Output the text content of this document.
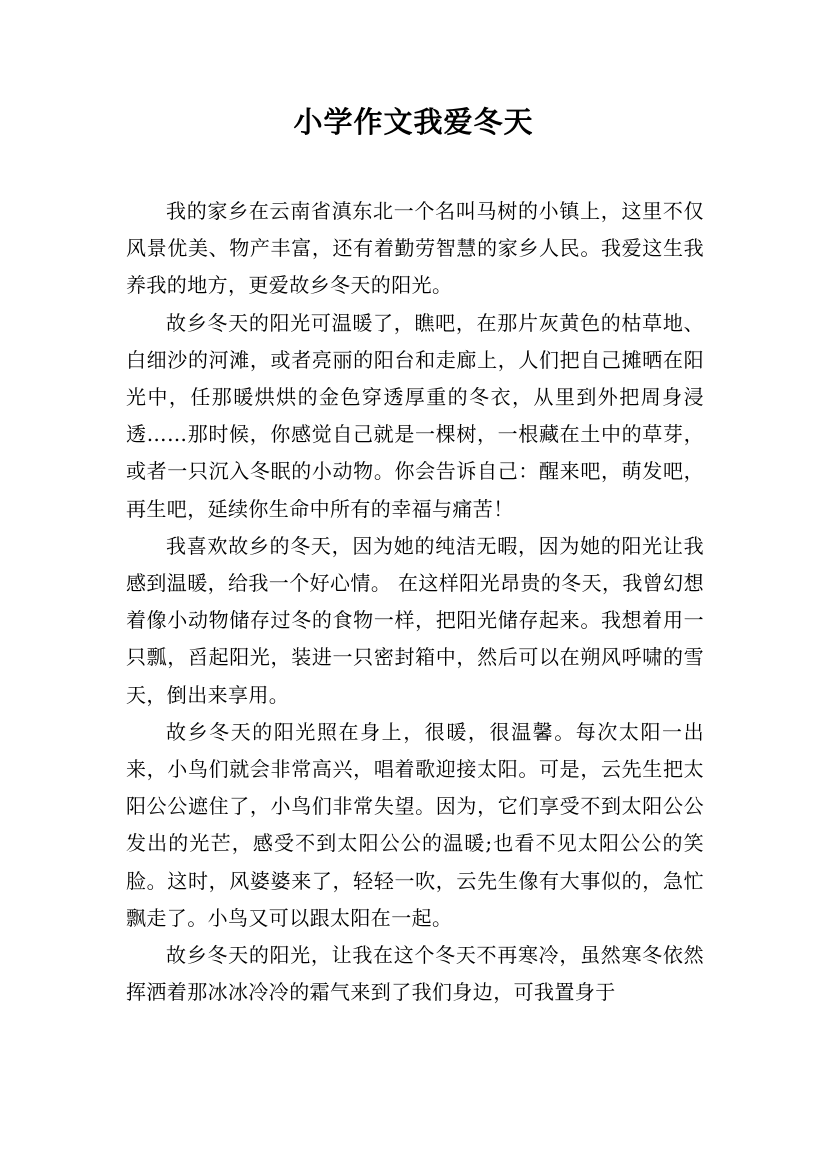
小学作文我爱冬天

我的家乡在云南省滇东北一个名叫马树的小镇上，这里不仅风景优美、物产丰富，还有着勤劳智慧的家乡人民。我爱这生我养我的地方，更爱故乡冬天的阳光。

故乡冬天的阳光可温暖了，瞧吧，在那片灰黄色的枯草地、白细沙的河滩，或者亮丽的阳台和走廊上，人们把自己摊晒在阳光中，任那暖烘烘的金色穿透厚重的冬衣，从里到外把周身浸透……那时候，你感觉自己就是一棵树，一根藏在土中的草芽，或者一只沉入冬眠的小动物。你会告诉自己：醒来吧，萌发吧，再生吧，延续你生命中所有的幸福与痛苦！

我喜欢故乡的冬天，因为她的纯洁无暇，因为她的阳光让我感到温暖，给我一个好心情。 在这样阳光昂贵的冬天，我曾幻想着像小动物储存过冬的食物一样，把阳光储存起来。我想着用一只瓢，舀起阳光，装进一只密封箱中，然后可以在朔风呼啸的雪天，倒出来享用。

故乡冬天的阳光照在身上，很暖，很温馨。每次太阳一出来，小鸟们就会非常高兴，唱着歌迎接太阳。可是，云先生把太阳公公遮住了，小鸟们非常失望。因为，它们享受不到太阳公公发出的光芒，感受不到太阳公公的温暖;也看不见太阳公公的笑脸。这时，风婆婆来了，轻轻一吹，云先生像有大事似的，急忙飘走了。小鸟又可以跟太阳在一起。

故乡冬天的阳光，让我在这个冬天不再寒冷，虽然寒冬依然挥洒着那冰冰冷冷的霜气来到了我们身边，可我置身于
